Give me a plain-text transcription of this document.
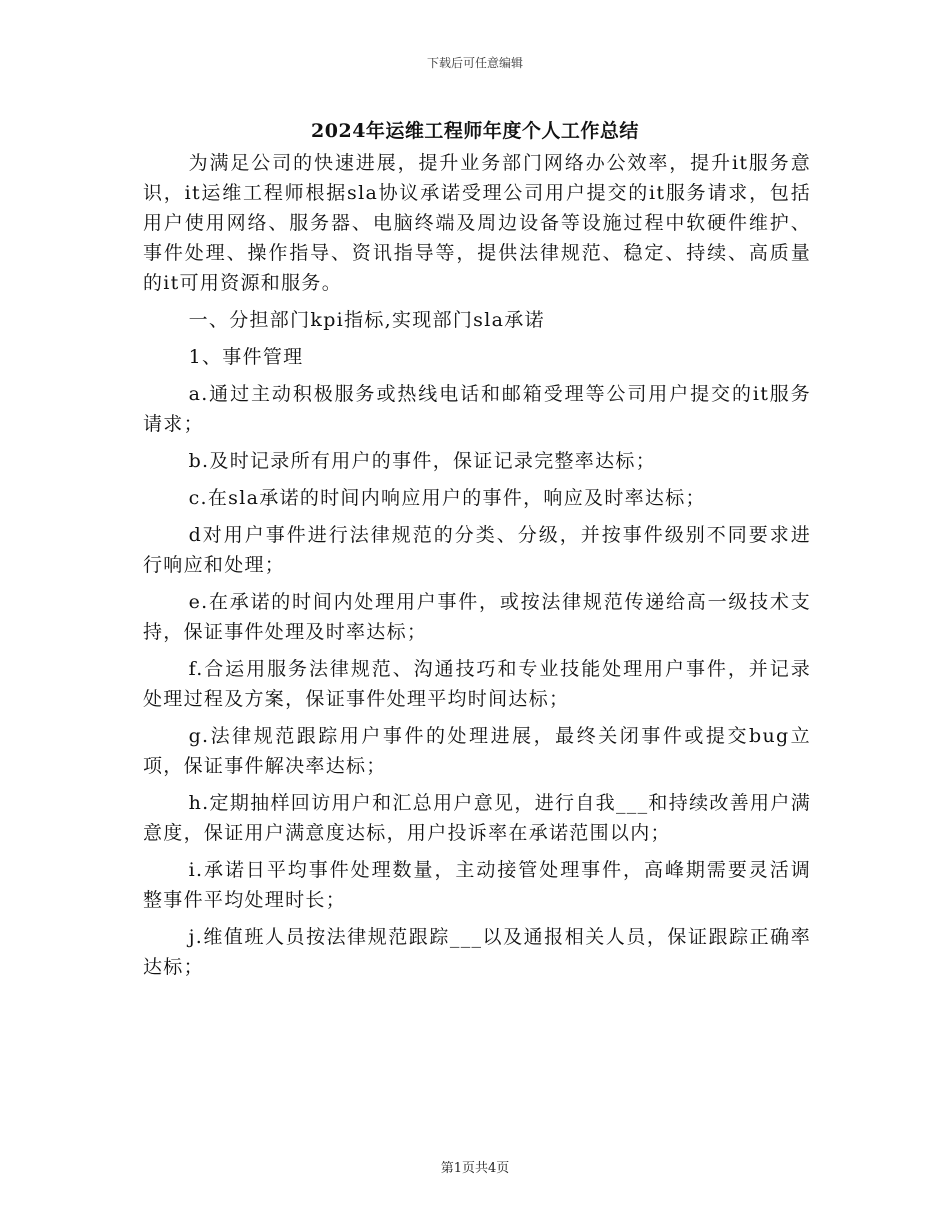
下载后可任意编辑
2024年运维工程师年度个人工作总结

为满足公司的快速进展，提升业务部门网络办公效率，提升it服务意识，it运维工程师根据sla协议承诺受理公司用户提交的it服务请求，包括用户使用网络、服务器、电脑终端及周边设备等设施过程中软硬件维护、事件处理、操作指导、资讯指导等，提供法律规范、稳定、持续、高质量的it可用资源和服务。

一、分担部门kpi指标,实现部门sla承诺

1、事件管理

a.通过主动积极服务或热线电话和邮箱受理等公司用户提交的it服务请求；

b.及时记录所有用户的事件，保证记录完整率达标；

c.在sla承诺的时间内响应用户的事件，响应及时率达标；

d对用户事件进行法律规范的分类、分级，并按事件级别不同要求进行响应和处理；

e.在承诺的时间内处理用户事件，或按法律规范传递给高一级技术支持，保证事件处理及时率达标；

f.合运用服务法律规范、沟通技巧和专业技能处理用户事件，并记录处理过程及方案，保证事件处理平均时间达标；

g.法律规范跟踪用户事件的处理进展，最终关闭事件或提交bug立项，保证事件解决率达标；

h.定期抽样回访用户和汇总用户意见，进行自我___和持续改善用户满意度，保证用户满意度达标，用户投诉率在承诺范围以内；

i.承诺日平均事件处理数量，主动接管处理事件，高峰期需要灵活调整事件平均处理时长；

j.维值班人员按法律规范跟踪___以及通报相关人员，保证跟踪正确率达标；

第1页共4页
